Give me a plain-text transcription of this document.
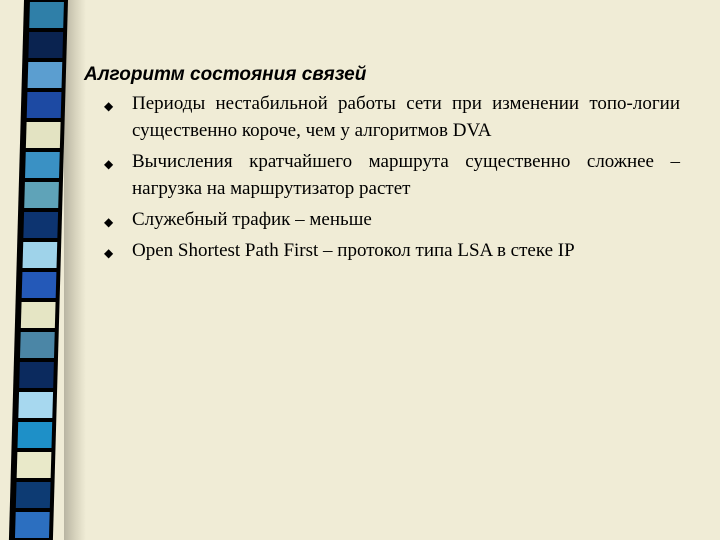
Алгоритм состояния связей
◆ Периоды нестабильной работы сети при изменении топо-логии существенно короче, чем у алгоритмов DVA
◆ Вычисления кратчайшего маршрута существенно сложнее – нагрузка на маршрутизатор растет
◆ Служебный трафик – меньше
◆ Open Shortest Path First – протокол типа LSA в стеке IP
